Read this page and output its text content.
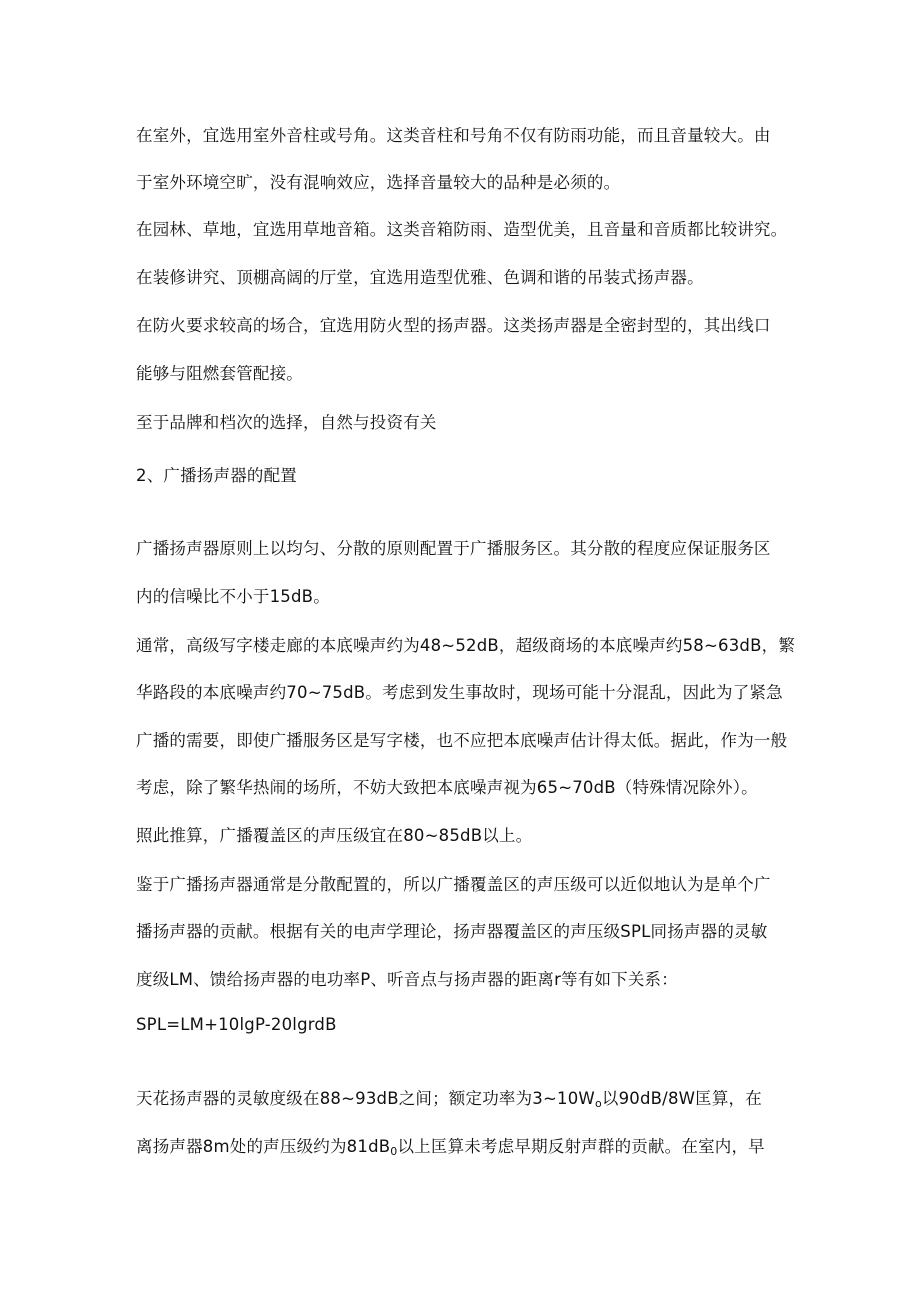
在室外，宜选用室外音柱或号角。这类音柱和号角不仅有防雨功能，而且音量较大。由
于室外环境空旷，没有混响效应，选择音量较大的品种是必须的。
在园林、草地，宜选用草地音箱。这类音箱防雨、造型优美，且音量和音质都比较讲究。
在装修讲究、顶棚高阔的厅堂，宜选用造型优雅、色调和谐的吊装式扬声器。
在防火要求较高的场合，宜选用防火型的扬声器。这类扬声器是全密封型的，其出线口
能够与阻燃套管配接。
至于品牌和档次的选择，自然与投资有关
2、广播扬声器的配置
广播扬声器原则上以均匀、分散的原则配置于广播服务区。其分散的程度应保证服务区
内的信噪比不小于15dB。
通常，高级写字楼走廊的本底噪声约为48~52dB，超级商场的本底噪声约58~63dB，繁
华路段的本底噪声约70~75dB。考虑到发生事故时，现场可能十分混乱，因此为了紧急
广播的需要，即使广播服务区是写字楼，也不应把本底噪声估计得太低。据此，作为一般
考虑，除了繁华热闹的场所，不妨大致把本底噪声视为65~70dB（特殊情况除外）。
照此推算，广播覆盖区的声压级宜在80~85dB以上。
鉴于广播扬声器通常是分散配置的，所以广播覆盖区的声压级可以近似地认为是单个广
播扬声器的贡献。根据有关的电声学理论，扬声器覆盖区的声压级SPL同扬声器的灵敏
度级LM、馈给扬声器的电功率P、听音点与扬声器的距离r等有如下关系：
SPL=LM+10lgP-20lgrdB
天花扬声器的灵敏度级在88~93dB之间；额定功率为$3\sim 10W_o$以90dB/8W匡算，在
离扬声器8m处的声压级约为$81dB_0$以上匡算未考虑早期反射声群的贡献。在室内，早
